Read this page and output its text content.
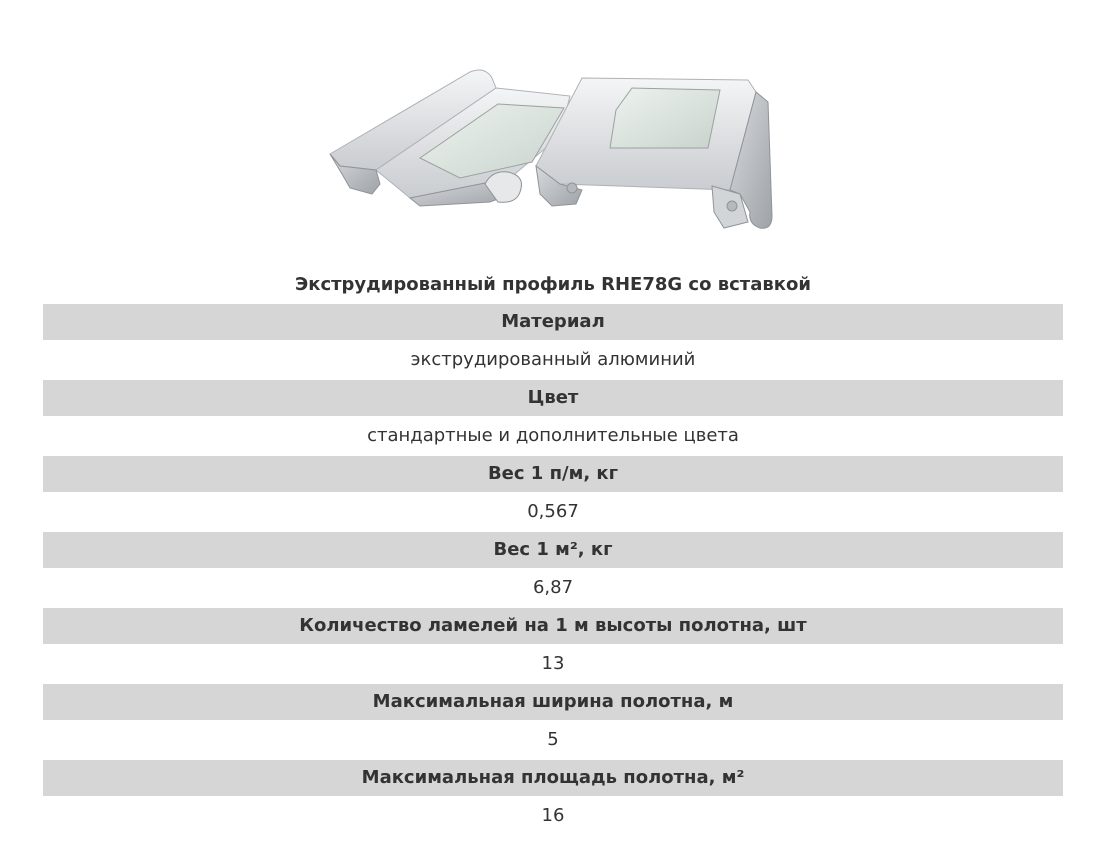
Экструдированный профиль RHE78G со вставкой
Материал
экструдированный алюминий
Цвет
стандартные и дополнительные цвета
Вес 1 п/м, кг
0,567
Вес 1 м², кг
6,87
Количество ламелей на 1 м высоты полотна, шт
13
Максимальная ширина полотна, м
5
Максимальная площадь полотна, м²
16
